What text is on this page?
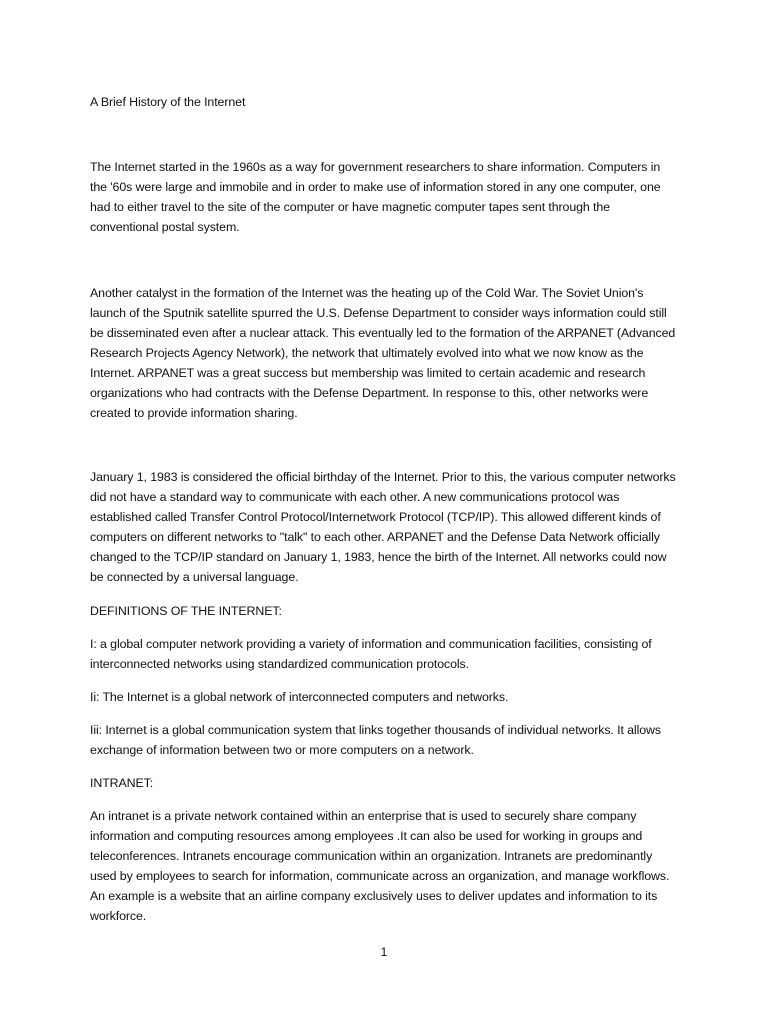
A Brief History of the Internet

The Internet started in the 1960s as a way for government researchers to share information. Computers in the '60s were large and immobile and in order to make use of information stored in any one computer, one had to either travel to the site of the computer or have magnetic computer tapes sent through the conventional postal system.

Another catalyst in the formation of the Internet was the heating up of the Cold War. The Soviet Union's launch of the Sputnik satellite spurred the U.S. Defense Department to consider ways information could still be disseminated even after a nuclear attack. This eventually led to the formation of the ARPANET (Advanced Research Projects Agency Network), the network that ultimately evolved into what we now know as the Internet. ARPANET was a great success but membership was limited to certain academic and research organizations who had contracts with the Defense Department. In response to this, other networks were created to provide information sharing.

January 1, 1983 is considered the official birthday of the Internet. Prior to this, the various computer networks did not have a standard way to communicate with each other. A new communications protocol was established called Transfer Control Protocol/Internetwork Protocol (TCP/IP). This allowed different kinds of computers on different networks to "talk" to each other. ARPANET and the Defense Data Network officially changed to the TCP/IP standard on January 1, 1983, hence the birth of the Internet. All networks could now be connected by a universal language.

DEFINITIONS OF THE INTERNET:

I: a global computer network providing a variety of information and communication facilities, consisting of interconnected networks using standardized communication protocols.

Ii: The Internet is a global network of interconnected computers and networks.

Iii: Internet is a global communication system that links together thousands of individual networks. It allows exchange of information between two or more computers on a network.

INTRANET:

An intranet is a private network contained within an enterprise that is used to securely share company information and computing resources among employees .It can also be used for working in groups and teleconferences. Intranets encourage communication within an organization. Intranets are predominantly used by employees to search for information, communicate across an organization, and manage workflows. An example is a website that an airline company exclusively uses to deliver updates and information to its workforce.

1
